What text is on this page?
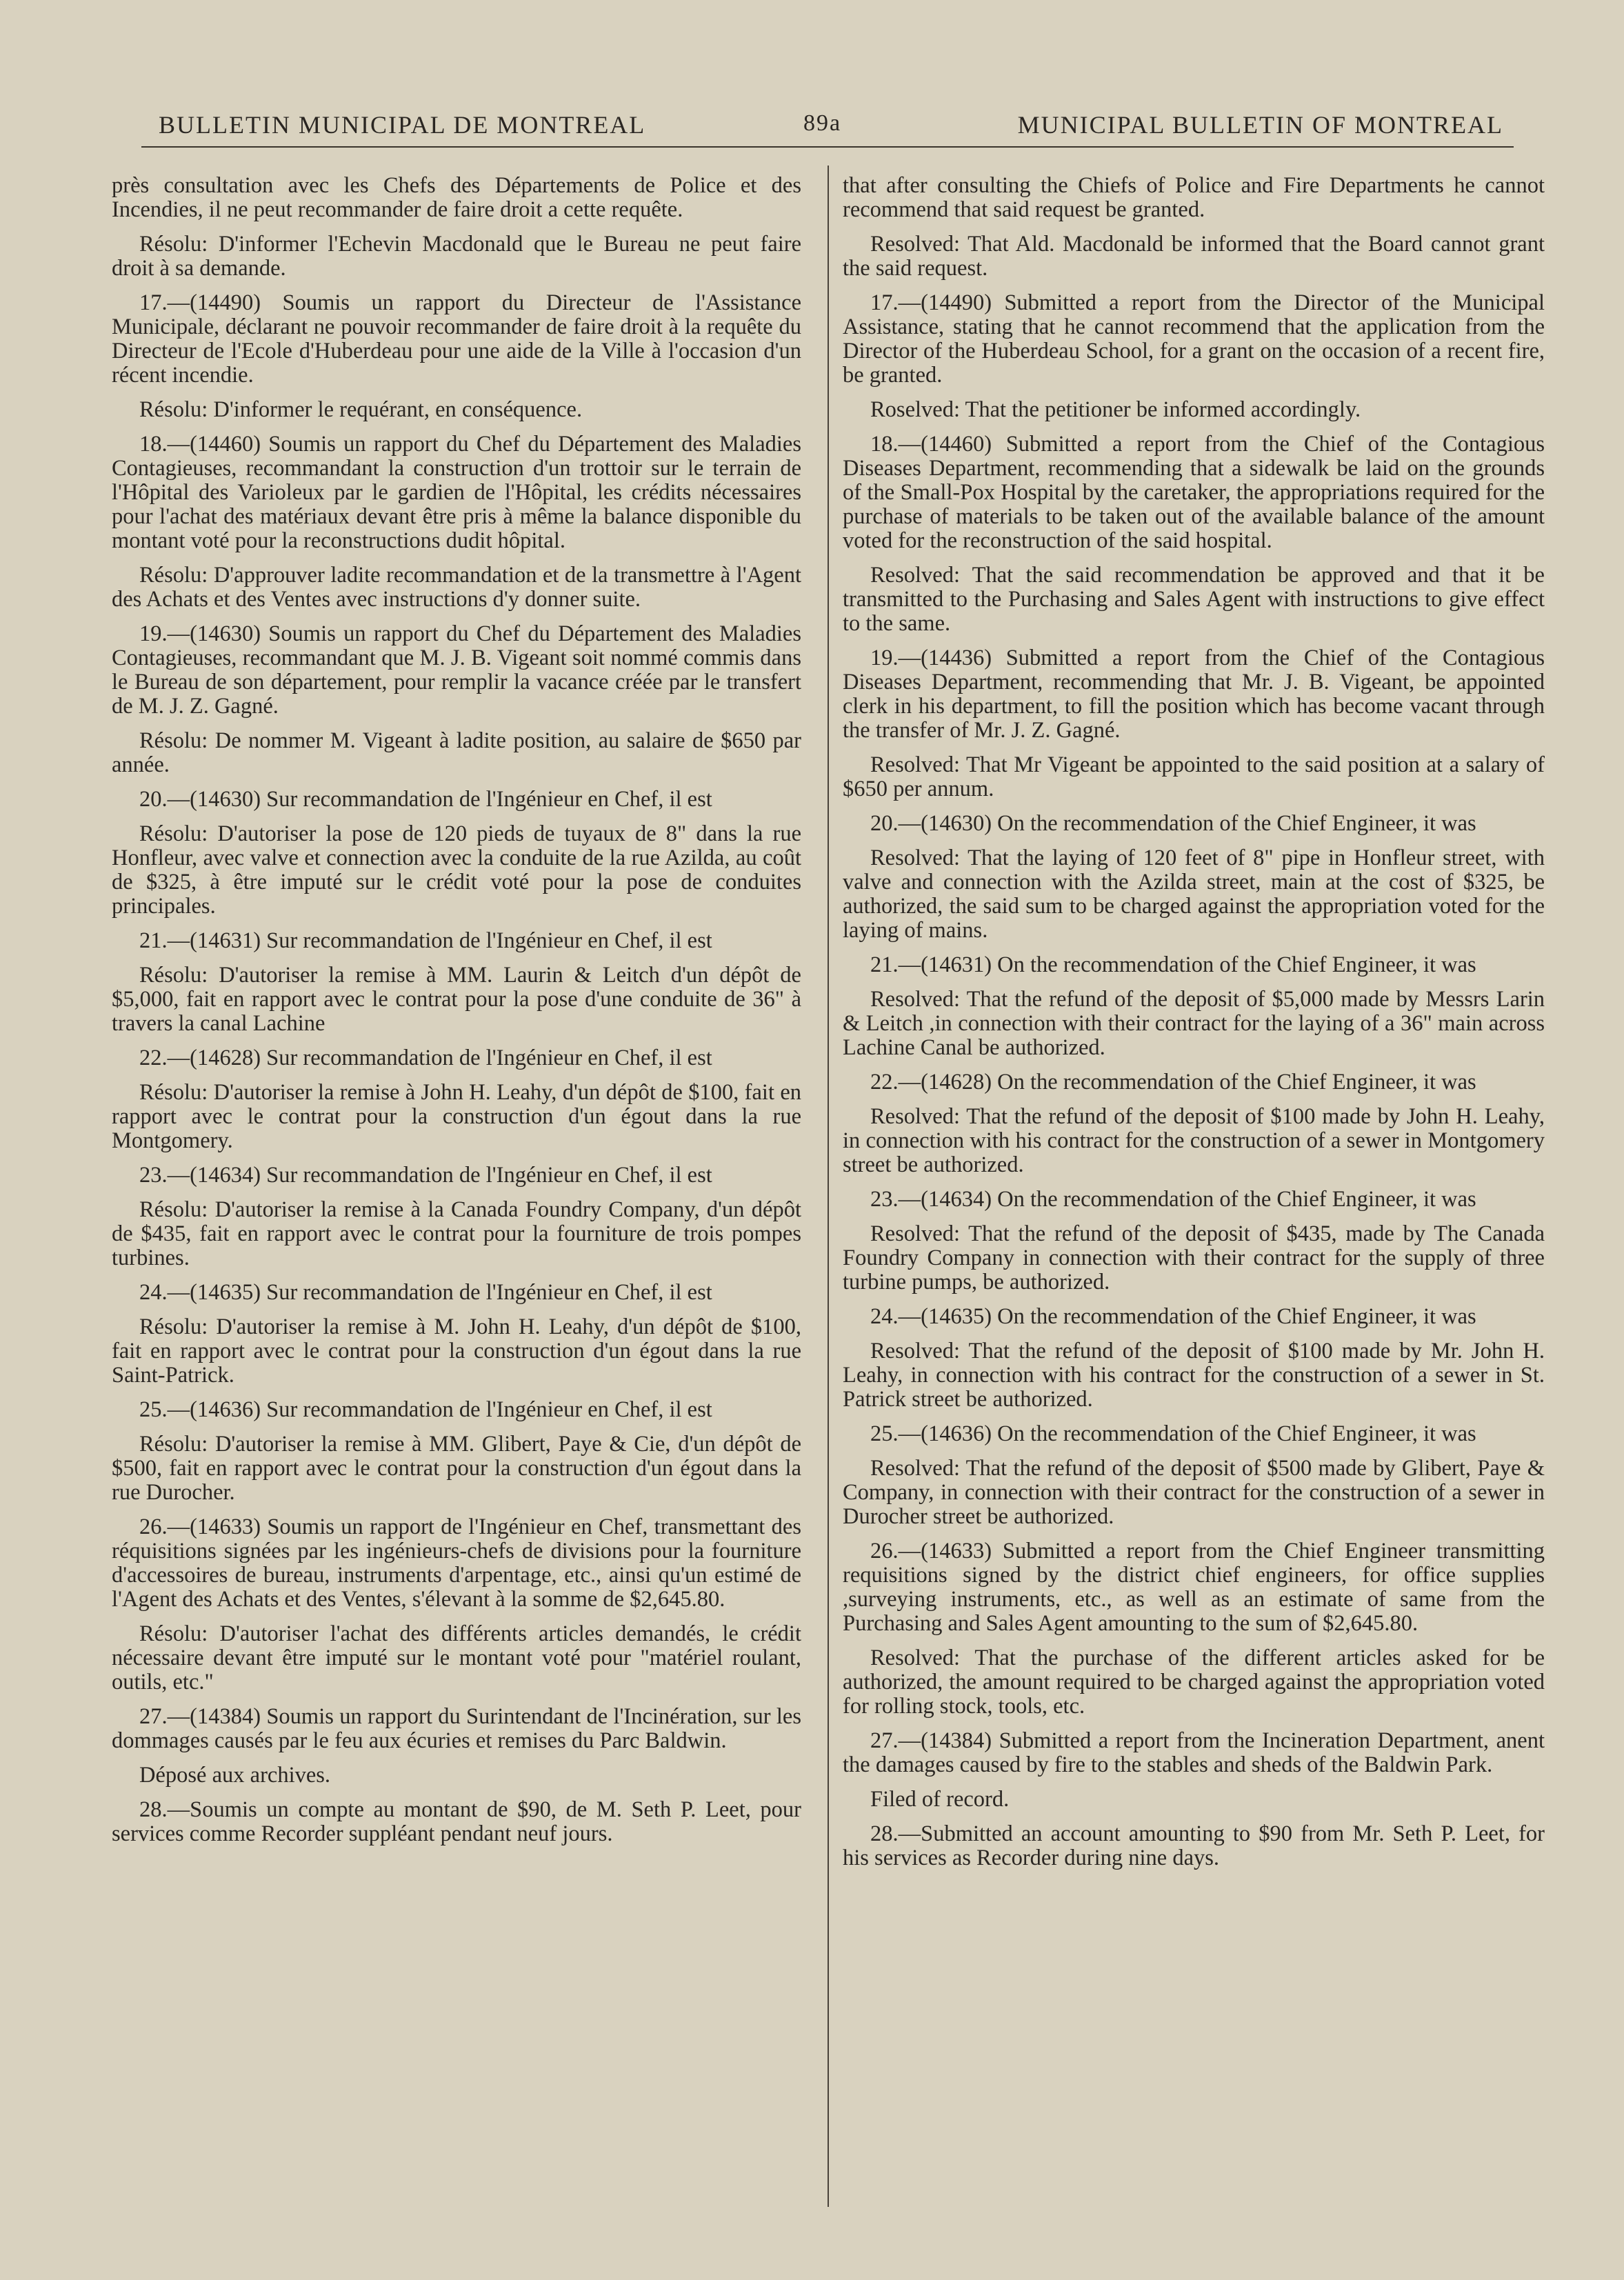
BULLETIN MUNICIPAL DE MONTREAL	89a	MUNICIPAL BULLETIN OF MONTREAL

près consultation avec les Chefs des Départements de Police et des Incendies, il ne peut recommander de faire droit a cette requête.

Résolu: D'informer l'Echevin Macdonald que le Bureau ne peut faire droit à sa demande.

17.—(14490) Soumis un rapport du Directeur de l'Assistance Municipale, déclarant ne pouvoir recommander de faire droit à la requête du Directeur de l'Ecole d'Huberdeau pour une aide de la Ville à l'occasion d'un récent incendie.

Résolu: D'informer le requérant, en conséquence.

18.—(14460) Soumis un rapport du Chef du Département des Maladies Contagieuses, recommandant la construction d'un trottoir sur le terrain de l'Hôpital des Varioleux par le gardien de l'Hôpital, les crédits nécessaires pour l'achat des matériaux devant être pris à même la balance disponible du montant voté pour la reconstructions dudit hôpital.

Résolu: D'approuver ladite recommandation et de la transmettre à l'Agent des Achats et des Ventes avec instructions d'y donner suite.

19.—(14630) Soumis un rapport du Chef du Département des Maladies Contagieuses, recommandant que M. J. B. Vigeant soit nommé commis dans le Bureau de son département, pour remplir la vacance créée par le transfert de M. J. Z. Gagné.

Résolu: De nommer M. Vigeant à ladite position, au salaire de $650 par année.

20.—(14630) Sur recommandation de l'Ingénieur en Chef, il est

Résolu: D'autoriser la pose de 120 pieds de tuyaux de 8" dans la rue Honfleur, avec valve et connection avec la conduite de la rue Azilda, au coût de $325, à être imputé sur le crédit voté pour la pose de conduites principales.

21.—(14631) Sur recommandation de l'Ingénieur en Chef, il est

Résolu: D'autoriser la remise à MM. Laurin & Leitch d'un dépôt de $5,000, fait en rapport avec le contrat pour la pose d'une conduite de 36" à travers la canal Lachine

22.—(14628) Sur recommandation de l'Ingénieur en Chef, il est

Résolu: D'autoriser la remise à John H. Leahy, d'un dépôt de $100, fait en rapport avec le contrat pour la construction d'un égout dans la rue Montgomery.

23.—(14634) Sur recommandation de l'Ingénieur en Chef, il est

Résolu: D'autoriser la remise à la Canada Foundry Company, d'un dépôt de $435, fait en rapport avec le contrat pour la fourniture de trois pompes turbines.

24.—(14635) Sur recommandation de l'Ingénieur en Chef, il est

Résolu: D'autoriser la remise à M. John H. Leahy, d'un dépôt de $100, fait en rapport avec le contrat pour la construction d'un égout dans la rue Saint-Patrick.

25.—(14636) Sur recommandation de l'Ingénieur en Chef, il est

Résolu: D'autoriser la remise à MM. Glibert, Paye & Cie, d'un dépôt de $500, fait en rapport avec le contrat pour la construction d'un égout dans la rue Durocher.

26.—(14633) Soumis un rapport de l'Ingénieur en Chef, transmettant des réquisitions signées par les ingénieurs-chefs de divisions pour la fourniture d'accessoires de bureau, instruments d'arpentage, etc., ainsi qu'un estimé de l'Agent des Achats et des Ventes, s'élevant à la somme de $2,645.80.

Résolu: D'autoriser l'achat des différents articles demandés, le crédit nécessaire devant être imputé sur le montant voté pour "matériel roulant, outils, etc."

27.—(14384) Soumis un rapport du Surintendant de l'Incinération, sur les dommages causés par le feu aux écuries et remises du Parc Baldwin.

Déposé aux archives.

28.—Soumis un compte au montant de $90, de M. Seth P. Leet, pour services comme Recorder suppléant pendant neuf jours.

that after consulting the Chiefs of Police and Fire Departments he cannot recommend that said request be granted.

Resolved: That Ald. Macdonald be informed that the Board cannot grant the said request.

17.—(14490) Submitted a report from the Director of the Municipal Assistance, stating that he cannot recommend that the application from the Director of the Huberdeau School, for a grant on the occasion of a recent fire, be granted.

Roselved: That the petitioner be informed accordingly.

18.—(14460) Submitted a report from the Chief of the Contagious Diseases Department, recommending that a sidewalk be laid on the grounds of the Small-Pox Hospital by the caretaker, the appropriations required for the purchase of materials to be taken out of the available balance of the amount voted for the reconstruction of the said hospital.

Resolved: That the said recommendation be approved and that it be transmitted to the Purchasing and Sales Agent with instructions to give effect to the same.

19.—(14436) Submitted a report from the Chief of the Contagious Diseases Department, recommending that Mr. J. B. Vigeant, be appointed clerk in his department, to fill the position which has become vacant through the transfer of Mr. J. Z. Gagné.

Resolved: That Mr Vigeant be appointed to the said position at a salary of $650 per annum.

20.—(14630) On the recommendation of the Chief Engineer, it was

Resolved: That the laying of 120 feet of 8" pipe in Honfleur street, with valve and connection with the Azilda street, main at the cost of $325, be authorized, the said sum to be charged against the appropriation voted for the laying of mains.

21.—(14631) On the recommendation of the Chief Engineer, it was

Resolved: That the refund of the deposit of $5,000 made by Messrs Larin & Leitch ,in connection with their contract for the laying of a 36" main across Lachine Canal be authorized.

22.—(14628) On the recommendation of the Chief Engineer, it was

Resolved: That the refund of the deposit of $100 made by John H. Leahy, in connection with his contract for the construction of a sewer in Montgomery street be authorized.

23.—(14634) On the recommendation of the Chief Engineer, it was

Resolved: That the refund of the deposit of $435, made by The Canada Foundry Company in connection with their contract for the supply of three turbine pumps, be authorized.

24.—(14635) On the recommendation of the Chief Engineer, it was

Resolved: That the refund of the deposit of $100 made by Mr. John H. Leahy, in connection with his contract for the construction of a sewer in St. Patrick street be authorized.

25.—(14636) On the recommendation of the Chief Engineer, it was

Resolved: That the refund of the deposit of $500 made by Glibert, Paye & Company, in connection with their contract for the construction of a sewer in Durocher street be authorized.

26.—(14633) Submitted a report from the Chief Engineer transmitting requisitions signed by the district chief engineers, for office supplies ,surveying instruments, etc., as well as an estimate of same from the Purchasing and Sales Agent amounting to the sum of $2,645.80.

Resolved: That the purchase of the different articles asked for be authorized, the amount required to be charged against the appropriation voted for rolling stock, tools, etc.

27.—(14384) Submitted a report from the Incineration Department, anent the damages caused by fire to the stables and sheds of the Baldwin Park.

Filed of record.

28.—Submitted an account amounting to $90 from Mr. Seth P. Leet, for his services as Recorder during nine days.
